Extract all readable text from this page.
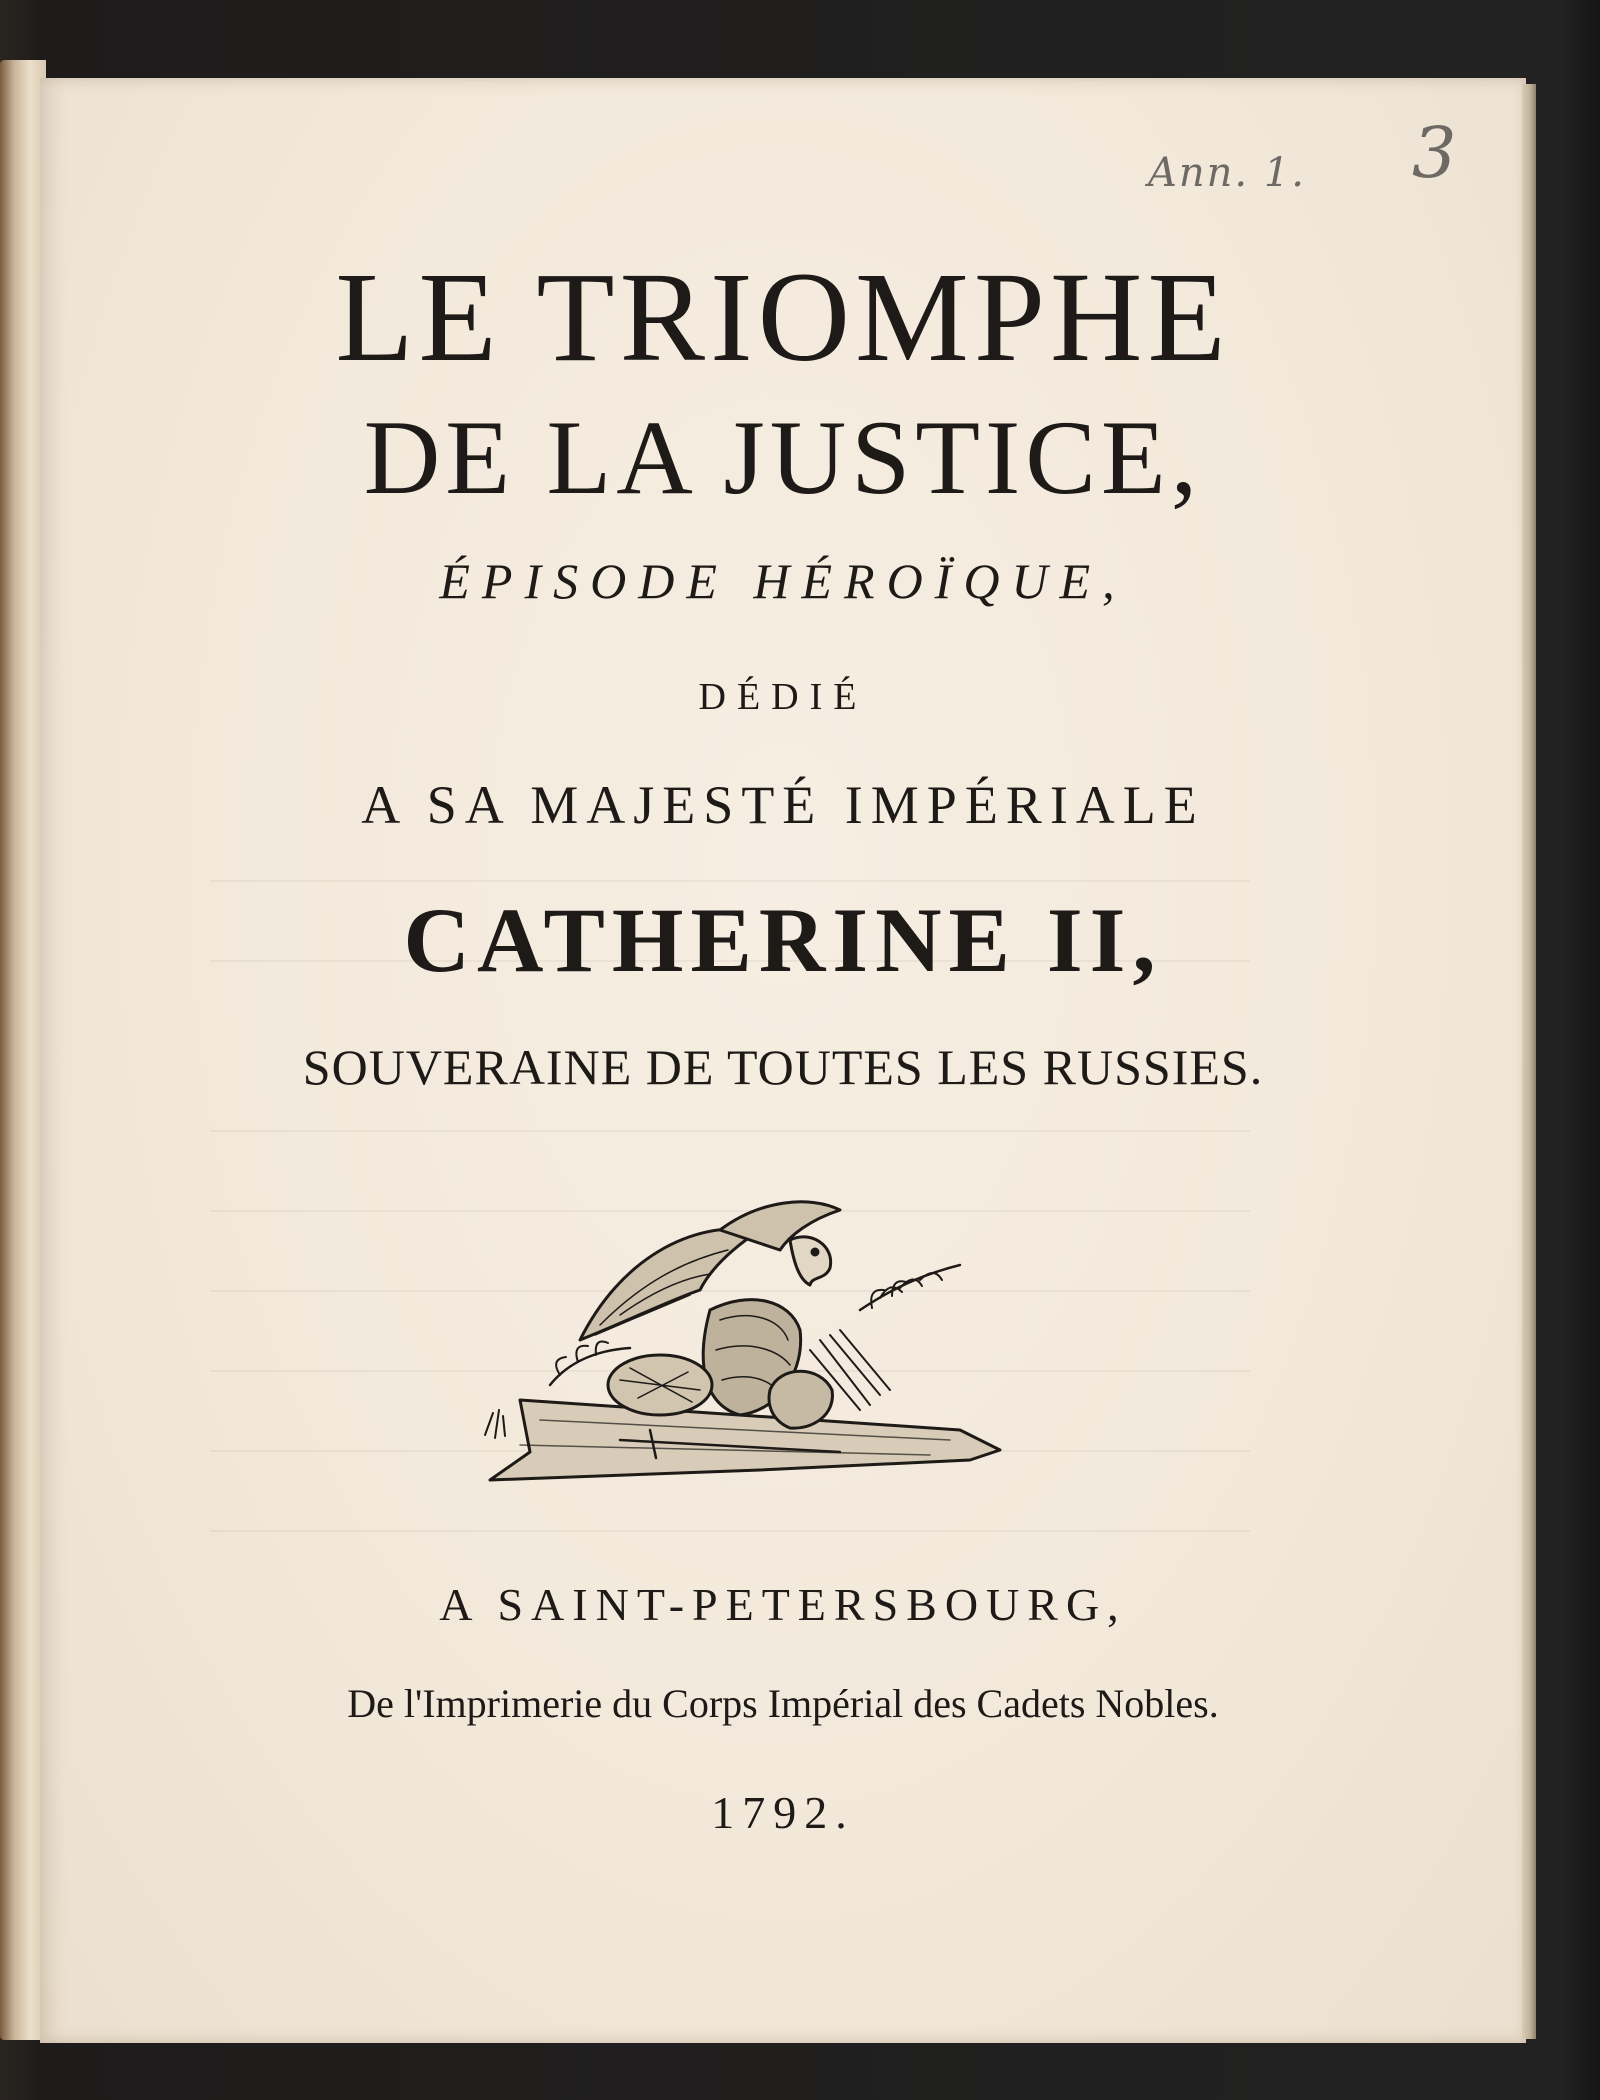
Ann. 1. 3

LE TRIOMPHE

DE LA JUSTICE,

ÉPISODE HÉROÏQUE,

DÉDIÉ

A SA MAJESTÉ IMPÉRIALE

CATHERINE II,

SOUVERAINE DE TOUTES LES RUSSIES.

A SAINT-PETERSBOURG,

De l'Imprimerie du Corps Impérial des Cadets Nobles.

1792.
